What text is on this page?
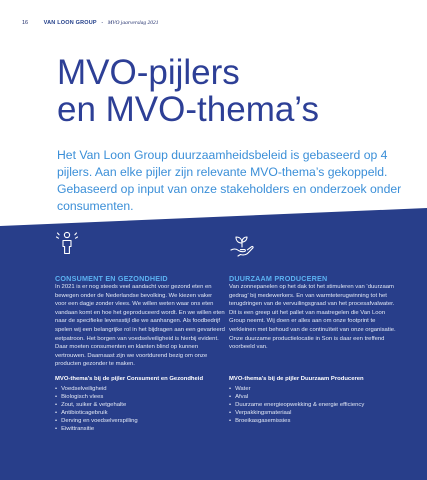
16	VAN LOON GROUP - MVO jaarverslag 2021
MVO-pijlers
en MVO-thema’s

Het Van Loon Group duurzaamheidsbeleid is gebaseerd op 4 pijlers. Aan elke pijler zijn relevante MVO-thema’s gekoppeld. Gebaseerd op input van onze stakeholders en onderzoek onder consumenten.

CONSUMENT EN GEZONDHEID

In 2021 is er nog steeds veel aandacht voor gezond eten en bewegen onder de Nederlandse bevolking. We kiezen vaker voor een dagje zonder vlees. We willen weten waar ons eten vandaan komt en hoe het geproduceerd wordt. En we willen eten naar de specifieke levensstijl die we aanhangen. Als foodbedrijf spelen wij een belangrijke rol in het bijdragen aan een gevarieerd eetpatroon. Het borgen van voedselveiligheid is hierbij evident. Daar moeten consumenten en klanten blind op kunnen vertrouwen. Daarnaast zijn we voortdurend bezig om onze producten gezonder te maken.

DUURZAAM PRODUCEREN

Van zonnepanelen op het dak tot het stimuleren van ‘duurzaam gedrag’ bij medewerkers. En van warmteterugwinning tot het terugdringen van de vervuilingsgraad van het procesafvalwater. Dit is een greep uit het pallet van maatregelen die Van Loon Group neemt. Wij doen er alles aan om onze footprint te verkleinen met behoud van de continuïteit van onze organisatie. Onze duurzame productielocatie in Son is daar een treffend voorbeeld van.

MVO-thema’s bij de pijler Consument en Gezondheid

• Voedselveiligheid
• Biologisch vlees
• Zout, suiker & vetgehalte
• Antibioticagebruik
• Derving en voedselverspilling
• Eiwittransitie

MVO-thema’s bij de pijler Duurzaam Produceren

• Water
• Afval
• Duurzame energieopwekking & energie efficiency
• Verpakkingsmateriaal
• Broeikasgasemissies
